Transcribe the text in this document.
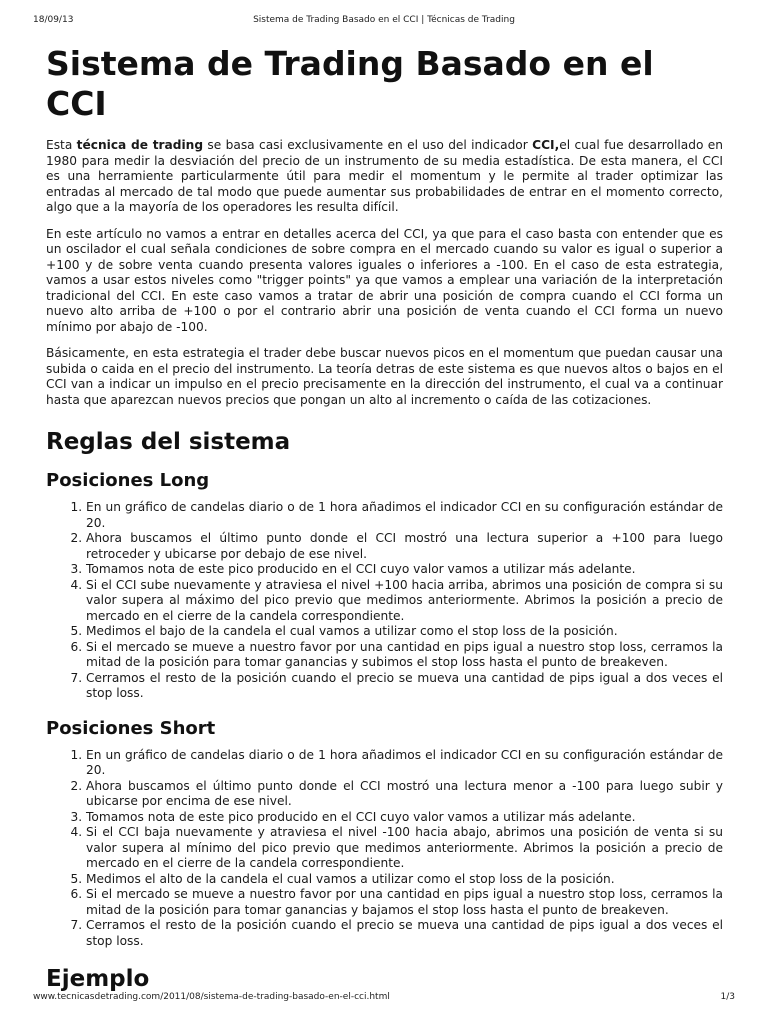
18/09/13	Sistema de Trading Basado en el CCI | Técnicas de Trading
Sistema de Trading Basado en el CCI

Esta técnica de trading se basa casi exclusivamente en el uso del indicador CCI,el cual fue desarrollado en 1980 para medir la desviación del precio de un instrumento de su media estadística. De esta manera, el CCI es una herramiente particularmente útil para medir el momentum y le permite al trader optimizar las entradas al mercado de tal modo que puede aumentar sus probabilidades de entrar en el momento correcto, algo que a la mayoría de los operadores les resulta difícil.

En este artículo no vamos a entrar en detalles acerca del CCI, ya que para el caso basta con entender que es un oscilador el cual señala condiciones de sobre compra en el mercado cuando su valor es igual o superior a +100 y de sobre venta cuando presenta valores iguales o inferiores a -100. En el caso de esta estrategia, vamos a usar estos niveles como "trigger points" ya que vamos a emplear una variación de la interpretación tradicional del CCI. En este caso vamos a tratar de abrir una posición de compra cuando el CCI forma un nuevo alto arriba de +100 o por el contrario abrir una posición de venta cuando el CCI forma un nuevo mínimo por abajo de -100.

Básicamente, en esta estrategia el trader debe buscar nuevos picos en el momentum que puedan causar una subida o caida en el precio del instrumento. La teoría detras de este sistema es que nuevos altos o bajos en el CCI van a indicar un impulso en el precio precisamente en la dirección del instrumento, el cual va a continuar hasta que aparezcan nuevos precios que pongan un alto al incremento o caída de las cotizaciones.

Reglas del sistema
Posiciones Long
1. En un gráfico de candelas diario o de 1 hora añadimos el indicador CCI en su configuración estándar de 20.
2. Ahora buscamos el último punto donde el CCI mostró una lectura superior a +100 para luego retroceder y ubicarse por debajo de ese nivel.
3. Tomamos nota de este pico producido en el CCI cuyo valor vamos a utilizar más adelante.
4. Si el CCI sube nuevamente y atraviesa el nivel +100 hacia arriba, abrimos una posición de compra si su valor supera al máximo del pico previo que medimos anteriormente. Abrimos la posición a precio de mercado en el cierre de la candela correspondiente.
5. Medimos el bajo de la candela el cual vamos a utilizar como el stop loss de la posición.
6. Si el mercado se mueve a nuestro favor por una cantidad en pips igual a nuestro stop loss, cerramos la mitad de la posición para tomar ganancias y subimos el stop loss hasta el punto de breakeven.
7. Cerramos el resto de la posición cuando el precio se mueva una cantidad de pips igual a dos veces el stop loss.
Posiciones Short
1. En un gráfico de candelas diario o de 1 hora añadimos el indicador CCI en su configuración estándar de 20.
2. Ahora buscamos el último punto donde el CCI mostró una lectura menor a -100 para luego subir y ubicarse por encima de ese nivel.
3. Tomamos nota de este pico producido en el CCI cuyo valor vamos a utilizar más adelante.
4. Si el CCI baja nuevamente y atraviesa el nivel -100 hacia abajo, abrimos una posición de venta si su valor supera al mínimo del pico previo que medimos anteriormente. Abrimos la posición a precio de mercado en el cierre de la candela correspondiente.
5. Medimos el alto de la candela el cual vamos a utilizar como el stop loss de la posición.
6. Si el mercado se mueve a nuestro favor por una cantidad en pips igual a nuestro stop loss, cerramos la mitad de la posición para tomar ganancias y bajamos el stop loss hasta el punto de breakeven.
7. Cerramos el resto de la posición cuando el precio se mueva una cantidad de pips igual a dos veces el stop loss.
Ejemplo
www.tecnicasdetrading.com/2011/08/sistema-de-trading-basado-en-el-cci.html	1/3
